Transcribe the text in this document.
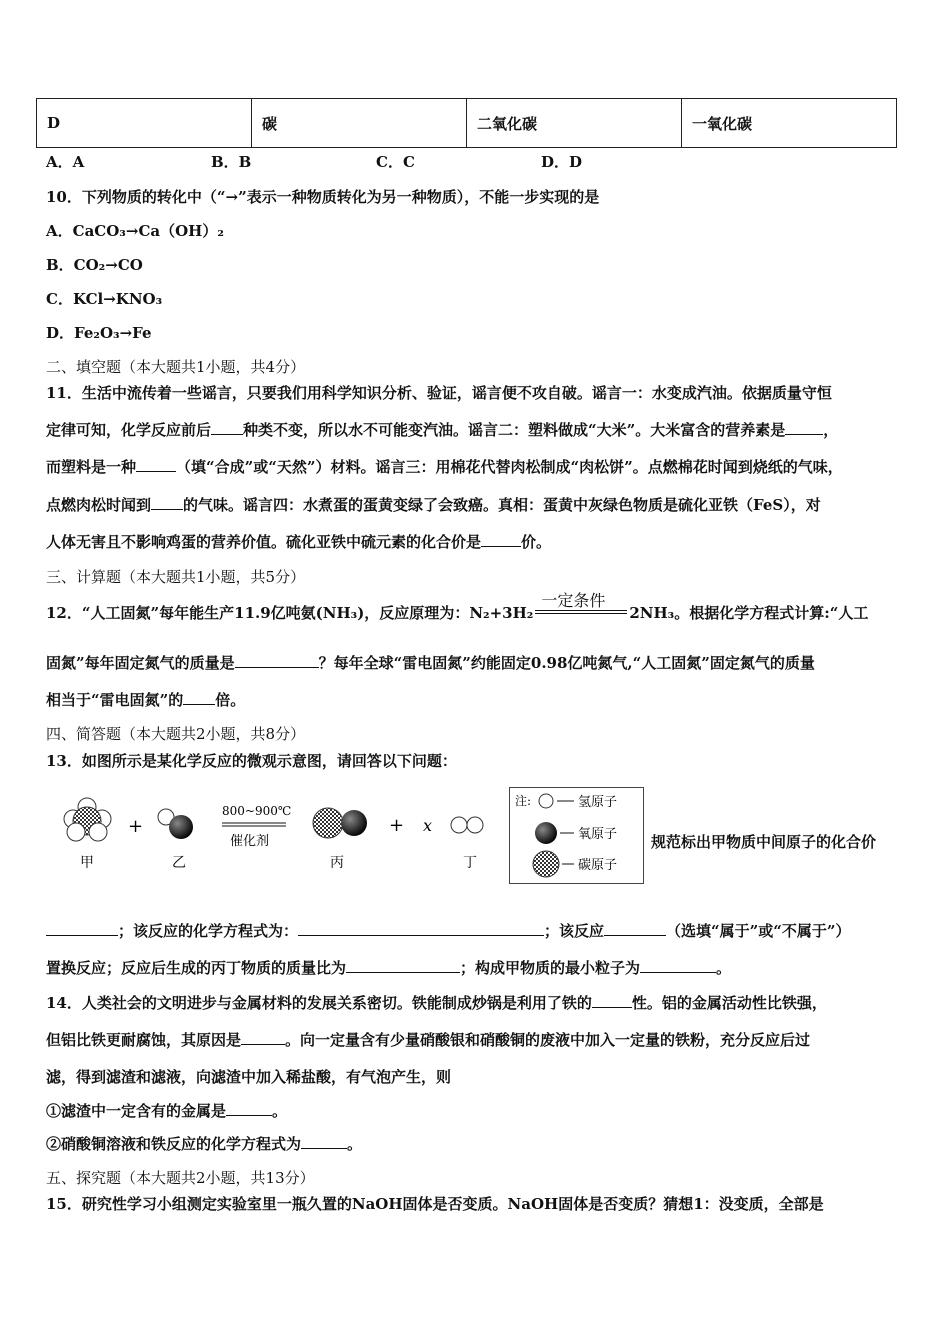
D	碳	二氧化碳	一氧化碳
A．A	B．B	C．C	D．D
10．下列物质的转化中（“→”表示一种物质转化为另一种物质），不能一步实现的是
A．CaCO₃→Ca（OH）₂
B．CO₂→CO
C．KCl→KNO₃
D．Fe₂O₃→Fe
二、填空题（本大题共1小题，共4分）
11．生活中流传着一些谣言，只要我们用科学知识分析、验证，谣言便不攻自破。谣言一：水变成汽油。依据质量守恒
定律可知，化学反应前后 种类不变，所以水不可能变汽油。谣言二：塑料做成“大米”。大米富含的营养素是	，
而塑料是一种	（填“合成”或“天然”）材料。谣言三：用棉花代替肉松制成“肉松饼”。点燃棉花时闻到烧纸的气味，
点燃肉松时闻到 的气味。谣言四：水煮蛋的蛋黄变绿了会致癌。真相：蛋黄中灰绿色物质是硫化亚铁（FeS），对
人体无害且不影响鸡蛋的营养价值。硫化亚铁中硫元素的化合价是	价。
三、计算题（本大题共1小题，共5分）
12．“人工固氮”每年能生产11.9亿吨氨(NH₃)，反应原理为：N₂+3H₂
一定条件
2NH₃。根据化学方程式计算:“人工
固氮”每年固定氮气的质量是	？每年全球“雷电固氮”约能固定0.98亿吨氮气,“人工固氮”固定氮气的质量
相当于“雷电固氮”的 倍。
四、简答题（本大题共2小题，共8分）
13．如图所示是某化学反应的微观示意图，请回答以下问题：
甲
+
乙
800~900℃
催化剂
丙
+ x
丁
注:	氢原子
氧原子
碳原子
规范标出甲物质中间原子的化合价
；该反应的化学方程式为：	；该反应	（选填“属于”或“不属于”）
置换反应；反应后生成的丙丁物质的质量比为	；构成甲物质的最小粒子为	。
14．人类社会的文明进步与金属材料的发展关系密切。铁能制成炒锅是利用了铁的	性。铝的金属活动性比铁强，
但铝比铁更耐腐蚀，其原因是	。向一定量含有少量硝酸银和硝酸铜的废液中加入一定量的铁粉，充分反应后过
滤，得到滤渣和滤液，向滤渣中加入稀盐酸，有气泡产生，则
①滤渣中一定含有的金属是	。
②硝酸铜溶液和铁反应的化学方程式为	。
五、探究题（本大题共2小题，共13分）
15．研究性学习小组测定实验室里一瓶久置的NaOH固体是否变质。NaOH固体是否变质？猜想1：没变质，全部是
